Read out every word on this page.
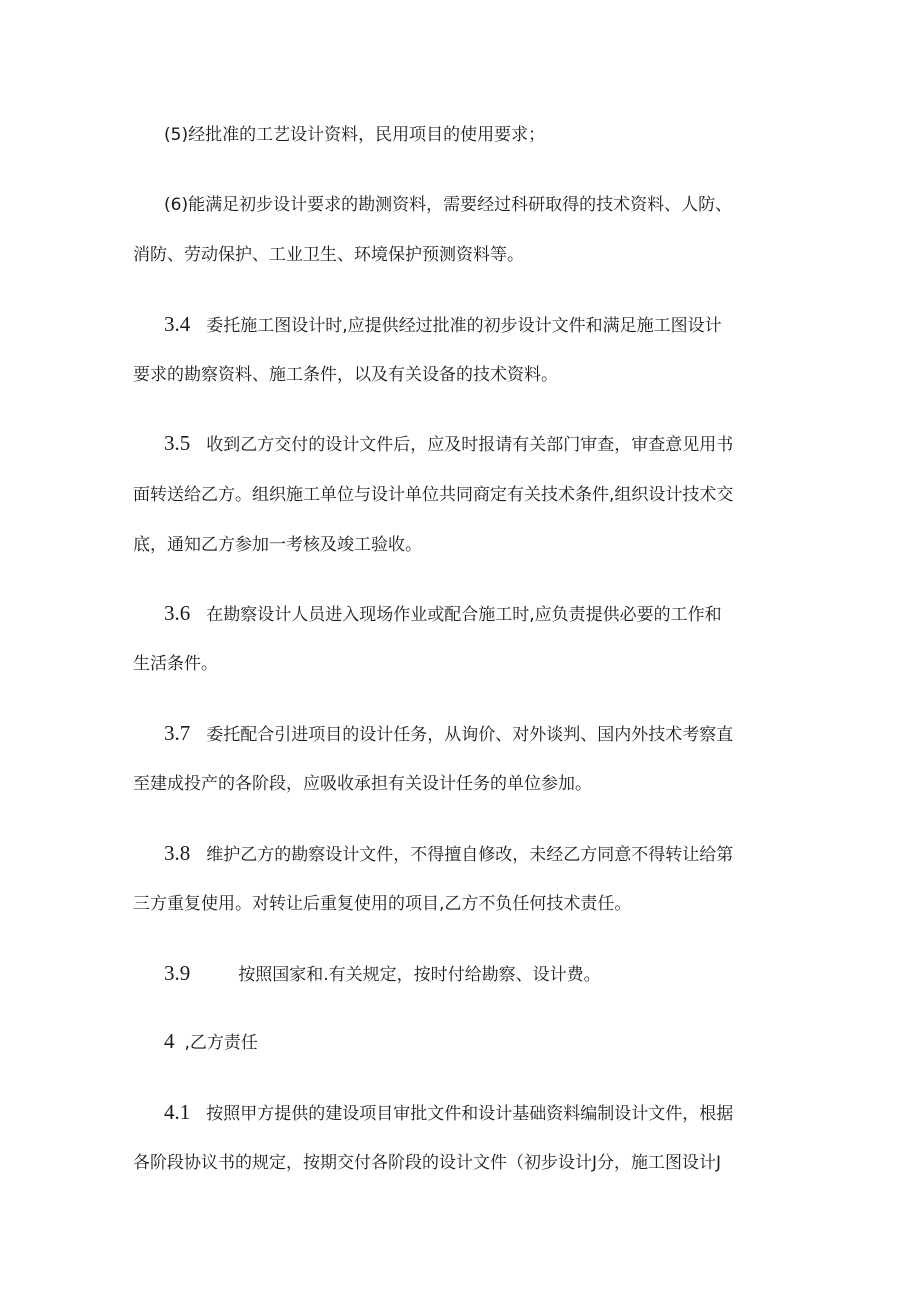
(5)经批准的工艺设计资料，民用项目的使用要求；
(6)能满足初步设计要求的勘测资料，需要经过科研取得的技术资料、人防、
消防、劳动保护、工业卫生、环境保护预测资料等。
3.4 委托施工图设计时,应提供经过批准的初步设计文件和满足施工图设计
要求的勘察资料、施工条件，以及有关设备的技术资料。
3.5 收到乙方交付的设计文件后，应及时报请有关部门审查，审查意见用书
面转送给乙方。组织施工单位与设计单位共同商定有关技术条件,组织设计技术交
底，通知乙方参加一考核及竣工验收。
3.6 在勘察设计人员进入现场作业或配合施工时,应负责提供必要的工作和
生活条件。
3.7 委托配合引进项目的设计任务，从询价、对外谈判、国内外技术考察直
至建成投产的各阶段，应吸收承担有关设计任务的单位参加。
3.8 维护乙方的勘察设计文件，不得擅自修改，未经乙方同意不得转让给第
三方重复使用。对转让后重复使用的项目,乙方不负任何技术责任。
3.9	按照国家和.有关规定，按时付给勘察、设计费。
4 ,乙方责任
4.1 按照甲方提供的建设项目审批文件和设计基础资料编制设计文件，根据
各阶段协议书的规定，按期交付各阶段的设计文件（初步设计J分，施工图设计J
